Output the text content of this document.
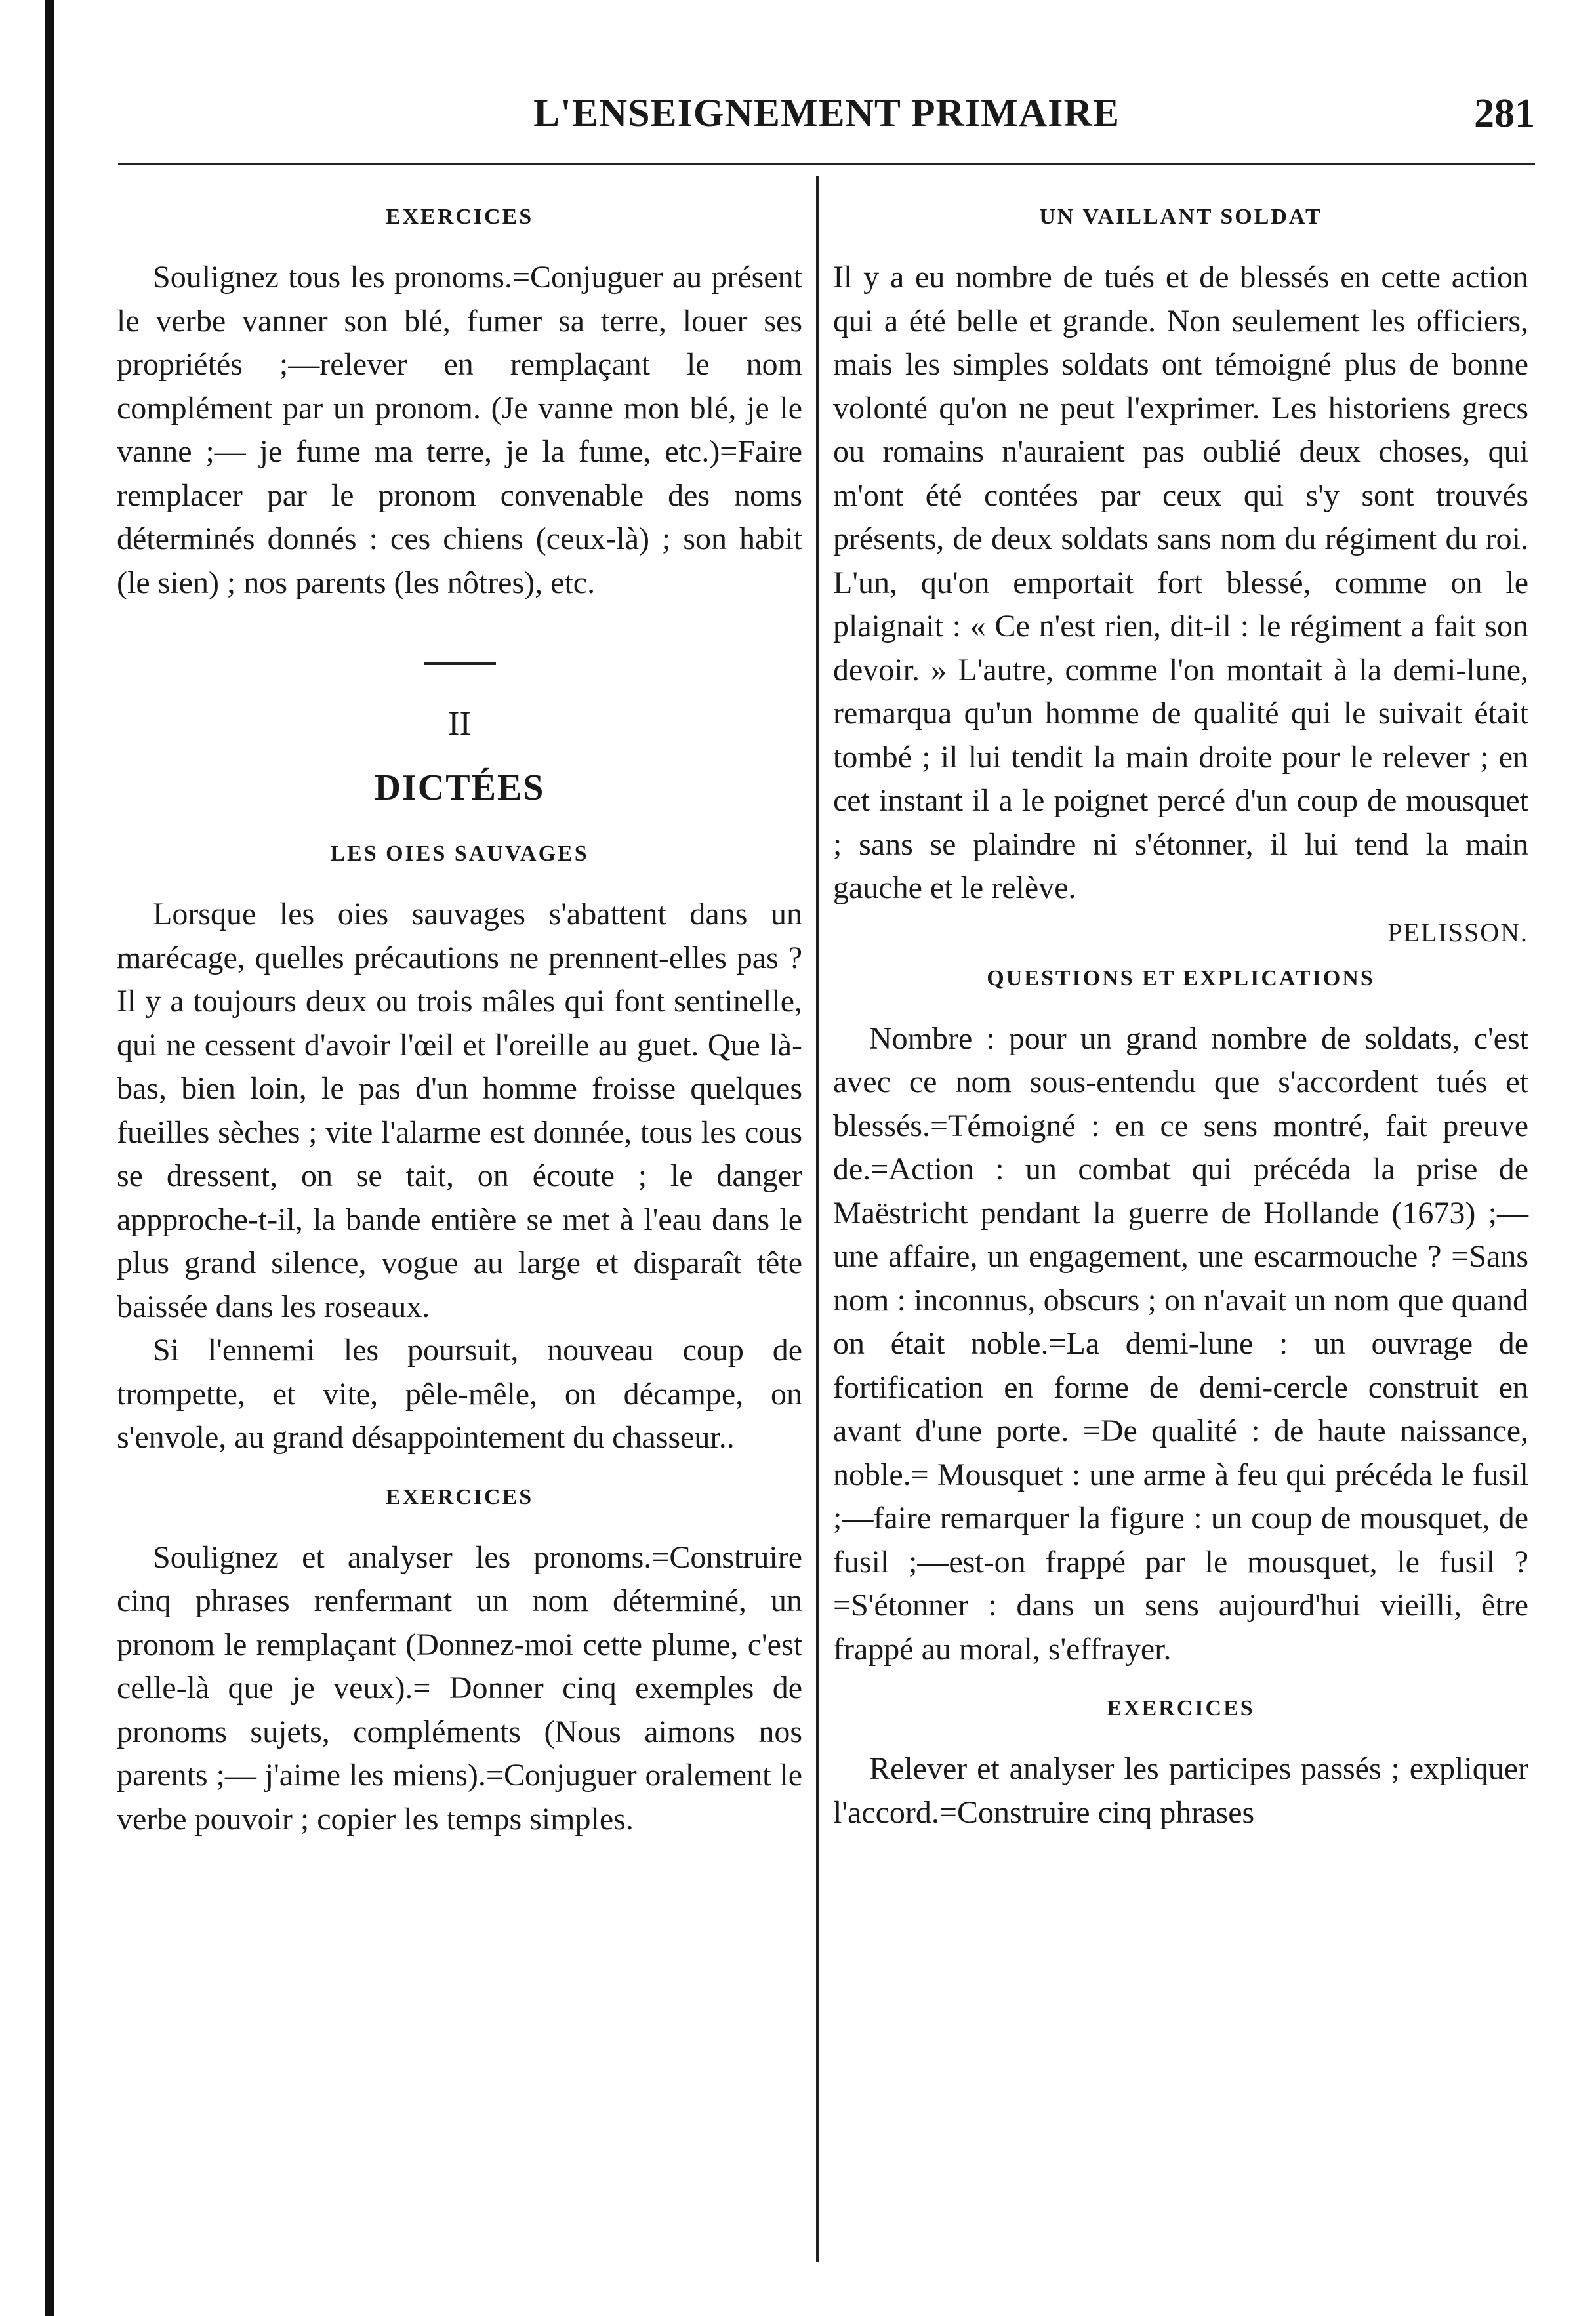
L'ENSEIGNEMENT PRIMAIRE	281
EXERCICES

Soulignez tous les pronoms.=Conjuguer au présent le verbe vanner son blé, fumer sa terre, louer ses propriétés ;—relever en remplaçant le nom complément par un pronom. (Je vanne mon blé, je le vanne ;— je fume ma terre, je la fume, etc.)=Faire remplacer par le pronom convenable des noms déterminés donnés : ces chiens (ceux-là) ; son habit (le sien) ; nos parents (les nôtres), etc.

II
DICTÉES
LES OIES SAUVAGES

Lorsque les oies sauvages s'abattent dans un marécage, quelles précautions ne prennent-elles pas ? Il y a toujours deux ou trois mâles qui font sentinelle, qui ne cessent d'avoir l'œil et l'oreille au guet. Que là-bas, bien loin, le pas d'un homme froisse quelques fueilles sèches ; vite l'alarme est donnée, tous les cous se dressent, on se tait, on écoute ; le danger appproche-t-il, la bande entière se met à l'eau dans le plus grand silence, vogue au large et disparaît tête baissée dans les roseaux.

Si l'ennemi les poursuit, nouveau coup de trompette, et vite, pêle-mêle, on décampe, on s'envole, au grand désappointement du chasseur..

EXERCICES

Soulignez et analyser les pronoms.=Construire cinq phrases renfermant un nom déterminé, un pronom le remplaçant (Donnez-moi cette plume, c'est celle-là que je veux).= Donner cinq exemples de pronoms sujets, compléments (Nous aimons nos parents ;— j'aime les miens).=Conjuguer oralement le verbe pouvoir ; copier les temps simples.

UN VAILLANT SOLDAT

Il y a eu nombre de tués et de blessés en cette action qui a été belle et grande. Non seulement les officiers, mais les simples soldats ont témoigné plus de bonne volonté qu'on ne peut l'exprimer. Les historiens grecs ou romains n'auraient pas oublié deux choses, qui m'ont été contées par ceux qui s'y sont trouvés présents, de deux soldats sans nom du régiment du roi. L'un, qu'on emportait fort blessé, comme on le plaignait : « Ce n'est rien, dit-il : le régiment a fait son devoir. » L'autre, comme l'on montait à la demi-lune, remarqua qu'un homme de qualité qui le suivait était tombé ; il lui tendit la main droite pour le relever ; en cet instant il a le poignet percé d'un coup de mousquet ; sans se plaindre ni s'étonner, il lui tend la main gauche et le relève.

PELISSON.
QUESTIONS ET EXPLICATIONS

Nombre : pour un grand nombre de soldats, c'est avec ce nom sous-entendu que s'accordent tués et blessés.=Témoigné : en ce sens montré, fait preuve de.=Action : un combat qui précéda la prise de Maëstricht pendant la guerre de Hollande (1673) ;—une affaire, un engagement, une escarmouche ? =Sans nom : inconnus, obscurs ; on n'avait un nom que quand on était noble.=La demi-lune : un ouvrage de fortification en forme de demi-cercle construit en avant d'une porte. =De qualité : de haute naissance, noble.= Mousquet : une arme à feu qui précéda le fusil ;—faire remarquer la figure : un coup de mousquet, de fusil ;—est-on frappé par le mousquet, le fusil ?=S'étonner : dans un sens aujourd'hui vieilli, être frappé au moral, s'effrayer.

EXERCICES

Relever et analyser les participes passés ; expliquer l'accord.=Construire cinq phrases
